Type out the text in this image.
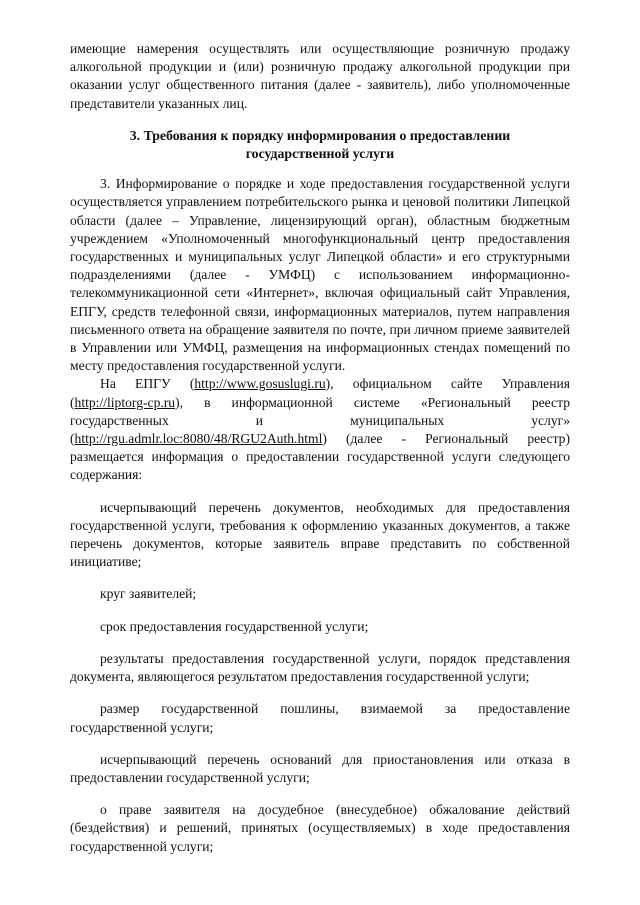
имеющие намерения осуществлять или осуществляющие розничную продажу алкогольной продукции и (или) розничную продажу алкогольной продукции при оказании услуг общественного питания (далее - заявитель), либо уполномоченные представители указанных лиц.

3. Требования к порядку информирования о предоставлении
государственной услуги

3. Информирование о порядке и ходе предоставления государственной услуги осуществляется управлением потребительского рынка и ценовой политики Липецкой области (далее – Управление, лицензирующий орган), областным бюджетным учреждением «Уполномоченный многофункциональный центр предоставления государственных и муниципальных услуг Липецкой области» и его структурными подразделениями (далее - УМФЦ) с использованием информационно-телекоммуникационной сети «Интернет», включая официальный сайт Управления, ЕПГУ, средств телефонной связи, информационных материалов, путем направления письменного ответа на обращение заявителя по почте, при личном приеме заявителей в Управлении или УМФЦ, размещения на информационных стендах помещений по месту предоставления государственной услуги.

На ЕПГУ (http://www.gosuslugi.ru), официальном сайте Управления (http://liptorg-cp.ru), в информационной системе «Региональный реестр государственных и муниципальных услуг» (http://rgu.admlr.loc:8080/48/RGU2Auth.html) (далее - Региональный реестр) размещается информация о предоставлении государственной услуги следующего содержания:

исчерпывающий перечень документов, необходимых для предоставления государственной услуги, требования к оформлению указанных документов, а также перечень документов, которые заявитель вправе представить по собственной инициативе;

круг заявителей;

срок предоставления государственной услуги;

результаты предоставления государственной услуги, порядок представления документа, являющегося результатом предоставления государственной услуги;

размер государственной пошлины, взимаемой за предоставление государственной услуги;

исчерпывающий перечень оснований для приостановления или отказа в предоставлении государственной услуги;

о праве заявителя на досудебное (внесудебное) обжалование действий (бездействия) и решений, принятых (осуществляемых) в ходе предоставления государственной услуги;
